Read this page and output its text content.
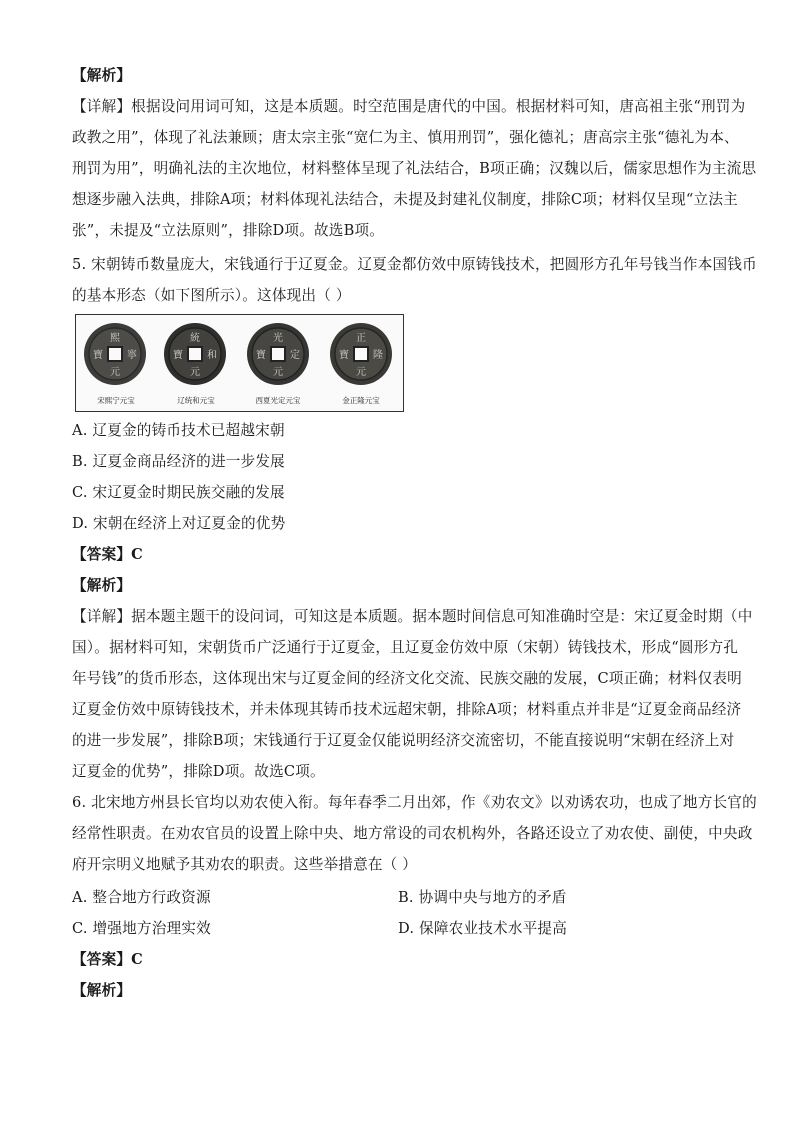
【解析】
【详解】根据设问用词可知，这是本质题。时空范围是唐代的中国。根据材料可知，唐高祖主张“刑罚为
政教之用”，体现了礼法兼顾；唐太宗主张“宽仁为主、慎用刑罚”，强化德礼；唐高宗主张“德礼为本、
刑罚为用”，明确礼法的主次地位，材料整体呈现了礼法结合，B项正确；汉魏以后，儒家思想作为主流思
想逐步融入法典，排除A项；材料体现礼法结合，未提及封建礼仪制度，排除C项；材料仅呈现“立法主
张”，未提及“立法原则”，排除D项。故选B项。
5. 宋朝铸币数量庞大，宋钱通行于辽夏金。辽夏金都仿效中原铸钱技术，把圆形方孔年号钱当作本国钱币
的基本形态（如下图所示）。这体现出（ ）
熙
元
寶 寧
統
元
寶 和
光
元
寶 定
正
元
寶 隆
宋熙宁元宝	辽统和元宝	西夏光定元宝	金正隆元宝
A. 辽夏金的铸币技术已超越宋朝
B. 辽夏金商品经济的进一步发展
C. 宋辽夏金时期民族交融的发展
D. 宋朝在经济上对辽夏金的优势
【答案】C
【解析】
【详解】据本题主题干的设问词，可知这是本质题。据本题时间信息可知准确时空是：宋辽夏金时期（中
国）。据材料可知，宋朝货币广泛通行于辽夏金，且辽夏金仿效中原（宋朝）铸钱技术，形成“圆形方孔
年号钱”的货币形态，这体现出宋与辽夏金间的经济文化交流、民族交融的发展，C项正确；材料仅表明
辽夏金仿效中原铸钱技术，并未体现其铸币技术远超宋朝，排除A项；材料重点并非是“辽夏金商品经济
的进一步发展”，排除B项；宋钱通行于辽夏金仅能说明经济交流密切，不能直接说明“宋朝在经济上对
辽夏金的优势”，排除D项。故选C项。
6. 北宋地方州县长官均以劝农使入衔。每年春季二月出郊，作《劝农文》以劝诱农功，也成了地方长官的
经常性职责。在劝农官员的设置上除中央、地方常设的司农机构外，各路还设立了劝农使、副使，中央政
府开宗明义地赋予其劝农的职责。这些举措意在（ ）
A. 整合地方行政资源	B. 协调中央与地方的矛盾
C. 增强地方治理实效	D. 保障农业技术水平提高
【答案】C
【解析】
